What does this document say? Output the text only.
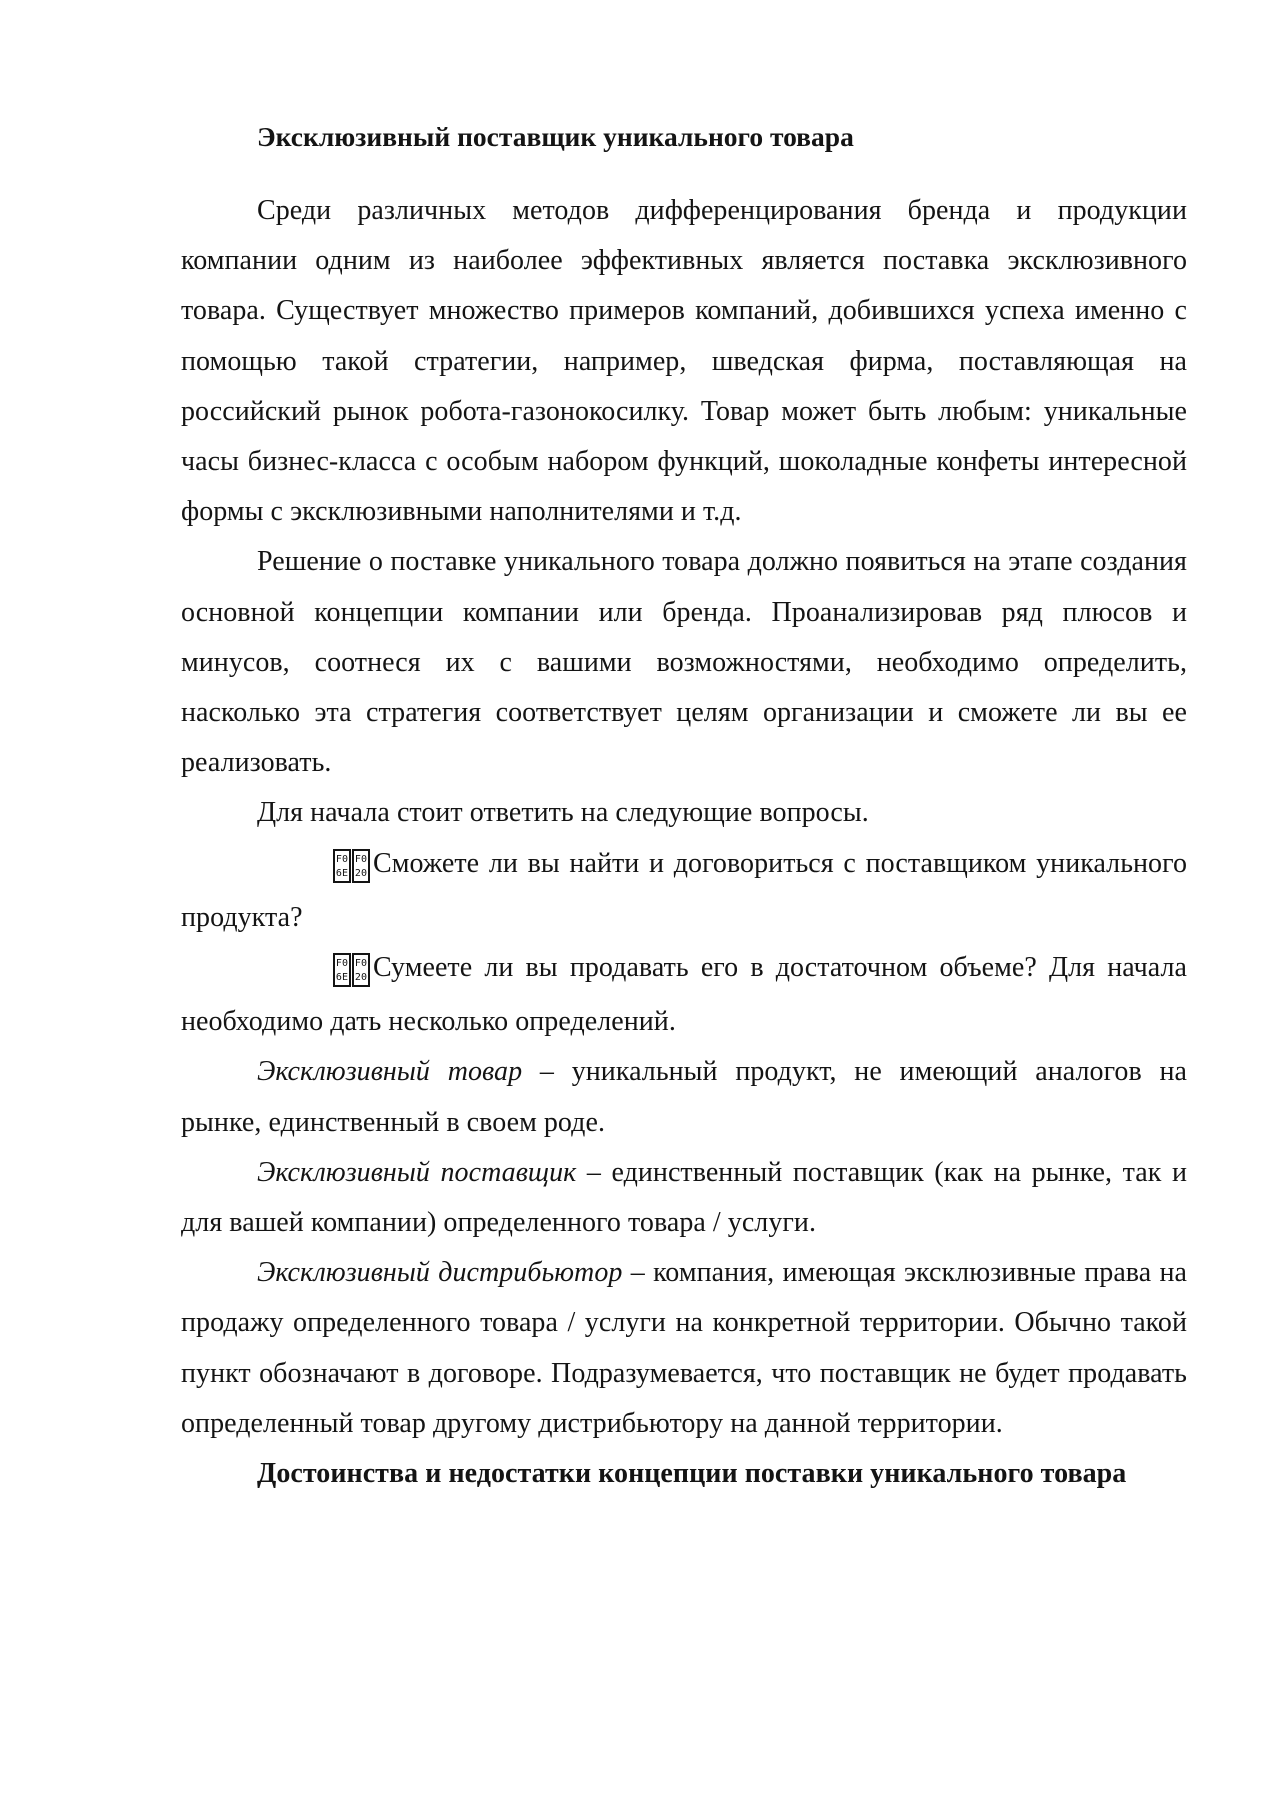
Эксклюзивный поставщик уникального товара

Среди различных методов дифференцирования бренда и продукции компании одним из наиболее эффективных является поставка эксклюзивного товара. Существует множество примеров компаний, добившихся успеха именно с помощью такой стратегии, например, шведская фирма, поставляющая на российский рынок робота-газонокосилку. Товар может быть любым: уникальные часы бизнес-класса с особым набором функций, шоколадные конфеты интересной формы с эксклюзивными наполнителями и т.д.

Решение о поставке уникального товара должно появиться на этапе создания основной концепции компании или бренда. Проанализировав ряд плюсов и минусов, соотнеся их с вашими возможностями, необходимо определить, насколько эта стратегия соответствует целям организации и сможете ли вы ее реализовать.

Для начала стоит ответить на следующие вопросы.

F0
6E
F0
20 Сможете ли вы найти и договориться с поставщиком уникального продукта?

F0
6E
F0
20 Сумеете ли вы продавать его в достаточном объеме? Для начала необходимо дать несколько определений.

Эксклюзивный товар – уникальный продукт, не имеющий аналогов на рынке, единственный в своем роде.

Эксклюзивный поставщик – единственный поставщик (как на рынке, так и для вашей компании) определенного товара / услуги.

Эксклюзивный дистрибьютор – компания, имеющая эксклюзивные права на продажу определенного товара / услуги на конкретной территории. Обычно такой пункт обозначают в договоре. Подразумевается, что поставщик не будет продавать определенный товар другому дистрибьютору на данной территории.

Достоинства и недостатки концепции поставки уникального товара
